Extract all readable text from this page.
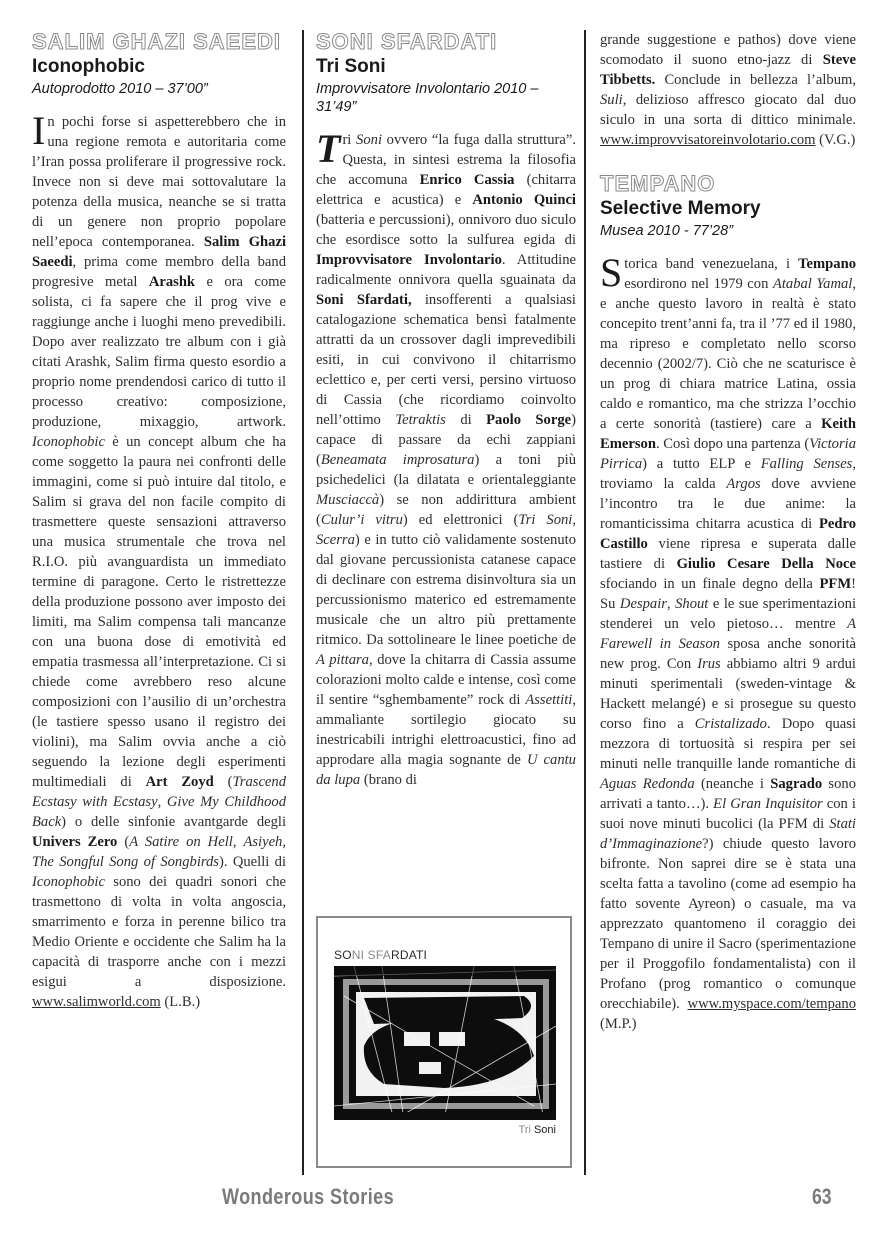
SALIM GHAZI SAEEDI
Iconophobic
Autoprodotto 2010 – 37’00”

I n pochi forse si aspetterebbero che in una regione remota e autoritaria come l’Iran possa proliferare il progressive rock. Invece non si deve mai sottovalutare la potenza della musica, neanche se si tratta di un genere non proprio popolare nell’epoca contemporanea. Salim Ghazi Saeedi, prima come membro della band progresive metal Arashk e ora come solista, ci fa sapere che il prog vive e raggiunge anche i luoghi meno prevedibili. Dopo aver realizzato tre album con i già citati Arashk, Salim firma questo esordio a proprio nome prendendosi carico di tutto il processo creativo: composizione, produzione, mixaggio, artwork. Iconophobic è un concept album che ha come soggetto la paura nei confronti delle immagini, come si può intuire dal titolo, e Salim si grava del non facile compito di trasmettere queste sensazioni attraverso una musica strumentale che trova nel R.I.O. più avanguardista un immediato termine di paragone. Certo le ristrettezze della produzione possono aver imposto dei limiti, ma Salim compensa tali mancanze con una buona dose di emotività ed empatia trasmessa all’interpretazione. Ci si chiede come avrebbero reso alcune composizioni con l’ausilio di un’orchestra (le tastiere spesso usano il registro dei violini), ma Salim ovvia anche a ciò seguendo la lezione degli esperimenti multimediali di Art Zoyd (Trascend Ecstasy with Ecstasy, Give My Childhood Back) o delle sinfonie avantgarde degli Univers Zero (A Satire on Hell, Asiyeh, The Songful Song of Songbirds). Quelli di Iconophobic sono dei quadri sonori che trasmettono di volta in volta angoscia, smarrimento e forza in perenne bilico tra Medio Oriente e occidente che Salim ha la capacità di trasporre anche con i mezzi esigui a disposizione. www.salimworld.com (L.B.)

SONI SFARDATI
Tri Soni
Improvvisatore Involontario 2010 – 31’49”

T ri Soni ovvero “la fuga dalla struttura”. Questa, in sintesi estrema la filosofia che accomuna Enrico Cassia (chitarra elettrica e acustica) e Antonio Quinci (batteria e percussioni), onnivoro duo siculo che esordisce sotto la sulfurea egida di Improvvisatore Involontario. Attitudine radicalmente onnivora quella sguainata da Soni Sfardati, insofferenti a qualsiasi catalogazione schematica bensì fatalmente attratti da un crossover dagli imprevedibili esiti, in cui convivono il chitarrismo eclettico e, per certi versi, persino virtuoso di Cassia (che ricordiamo coinvolto nell’ottimo Tetraktis di Paolo Sorge) capace di passare da echi zappiani (Beneamata improsatura) a toni più psichedelici (la dilatata e orientaleggiante Musciaccà) se non addirittura ambient (Culur’i vitru) ed elettronici (Tri Soni, Scerra) e in tutto ciò validamente sostenuto dal giovane percussionista catanese capace di declinare con estrema disinvoltura sia un percussionismo materico ed estremamente musicale che un altro più prettamente ritmico. Da sottolineare le linee poetiche de A pittara, dove la chitarra di Cassia assume colorazioni molto calde e intense, così come il sentire “sghembamente” rock di Assettiti, ammaliante sortilegio giocato su inestricabili intrighi elettroacustici, fino ad approdare alla magia sognante de U cantu da lupa (brano di

SONI SFARDATI
Tri Soni

grande suggestione e pathos) dove viene scomodato il suono etno-jazz di Steve Tibbetts. Conclude in bellezza l’album, Suli, delizioso affresco giocato dal duo siculo in una sorta di dittico minimale. www.improvvisatoreinvolotario.com (V.G.)

TEMPANO
Selective Memory
Musea 2010 - 77’28”

S torica band venezuelana, i Tempano esordirono nel 1979 con Atabal Yamal, e anche questo lavoro in realtà è stato concepito trent’anni fa, tra il ’77 ed il 1980, ma ripreso e completato nello scorso decennio (2002/7). Ciò che ne scaturisce è un prog di chiara matrice Latina, ossia caldo e romantico, ma che strizza l’occhio a certe sonorità (tastiere) care a Keith Emerson. Così dopo una partenza (Victoria Pirrica) a tutto ELP e Falling Senses, troviamo la calda Argos dove avviene l’incontro tra le due anime: la romanticissima chitarra acustica di Pedro Castillo viene ripresa e superata dalle tastiere di Giulio Cesare Della Noce sfociando in un finale degno della PFM! Su Despair, Shout e le sue sperimentazioni stenderei un velo pietoso… mentre A Farewell in Season sposa anche sonorità new prog. Con Irus abbiamo altri 9 ardui minuti sperimentali (sweden-vintage & Hackett melangé) e si prosegue su questo corso fino a Cristalizado. Dopo quasi mezzora di tortuosità si respira per sei minuti nelle tranquille lande romantiche di Aguas Redonda (neanche i Sagrado sono arrivati a tanto…). El Gran Inquisitor con i suoi nove minuti bucolici (la PFM di Stati d’Immaginazione?) chiude questo lavoro bifronte. Non saprei dire se è stata una scelta fatta a tavolino (come ad esempio ha fatto sovente Ayreon) o casuale, ma va apprezzato quantomeno il coraggio dei Tempano di unire il Sacro (sperimentazione per il Proggofilo fondamentalista) con il Profano (prog romantico o comunque orecchiabile). www.myspace.com/tempano (M.P.)

Wonderous Stories	63
